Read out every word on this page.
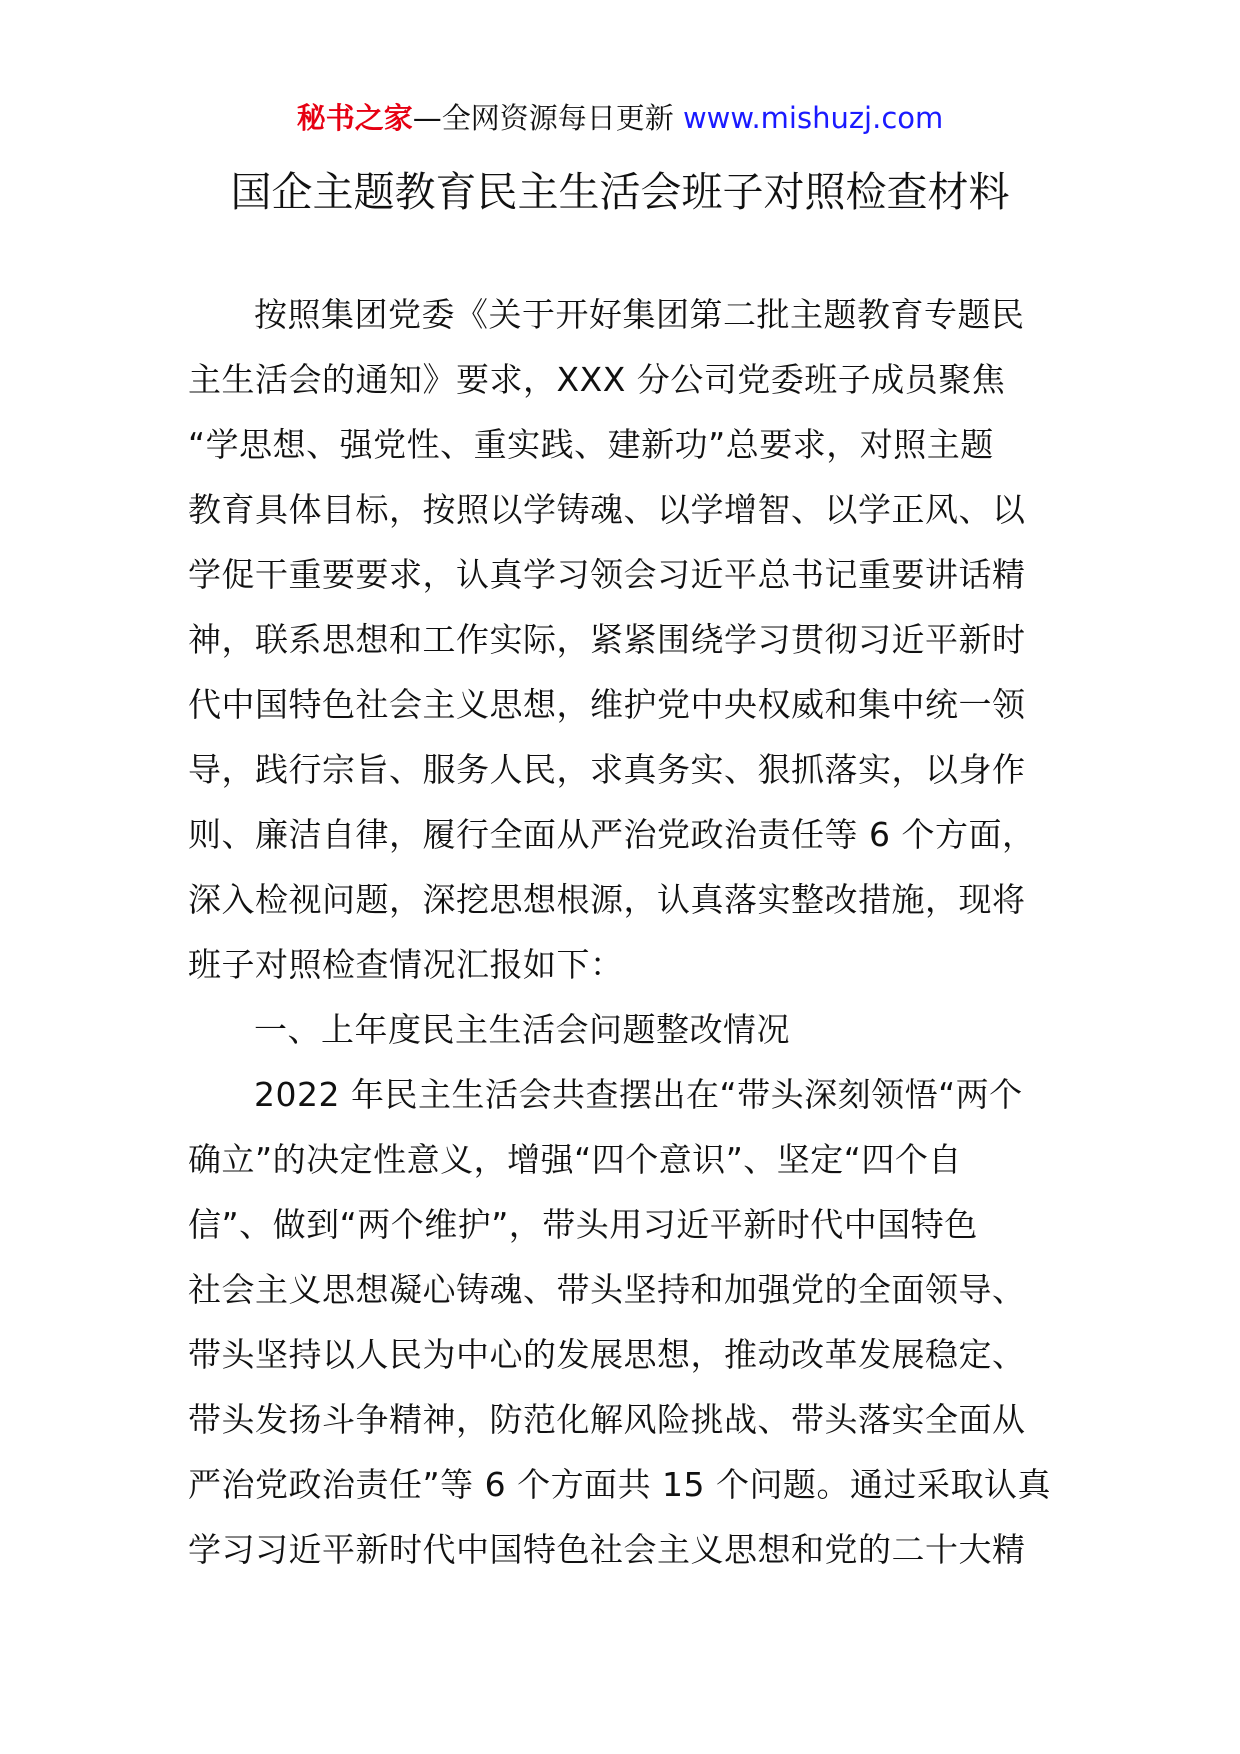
秘书之家—全网资源每日更新 www.mishuzj.com
国企主题教育民主生活会班子对照检查材料
按照集团党委《关于开好集团第二批主题教育专题民
主生活会的通知》要求，XXX 分公司党委班子成员聚焦
“学思想、强党性、重实践、建新功”总要求，对照主题
教育具体目标，按照以学铸魂、以学增智、以学正风、以
学促干重要要求，认真学习领会习近平总书记重要讲话精
神，联系思想和工作实际，紧紧围绕学习贯彻习近平新时
代中国特色社会主义思想，维护党中央权威和集中统一领
导，践行宗旨、服务人民，求真务实、狠抓落实，以身作
则、廉洁自律，履行全面从严治党政治责任等 6 个方面，
深入检视问题，深挖思想根源，认真落实整改措施，现将
班子对照检查情况汇报如下：
一、上年度民主生活会问题整改情况
2022 年民主生活会共查摆出在“带头深刻领悟“两个
确立”的决定性意义，增强“四个意识”、坚定“四个自
信”、做到“两个维护”，带头用习近平新时代中国特色
社会主义思想凝心铸魂、带头坚持和加强党的全面领导、
带头坚持以人民为中心的发展思想，推动改革发展稳定、
带头发扬斗争精神，防范化解风险挑战、带头落实全面从
严治党政治责任”等 6 个方面共 15 个问题。通过采取认真
学习习近平新时代中国特色社会主义思想和党的二十大精
